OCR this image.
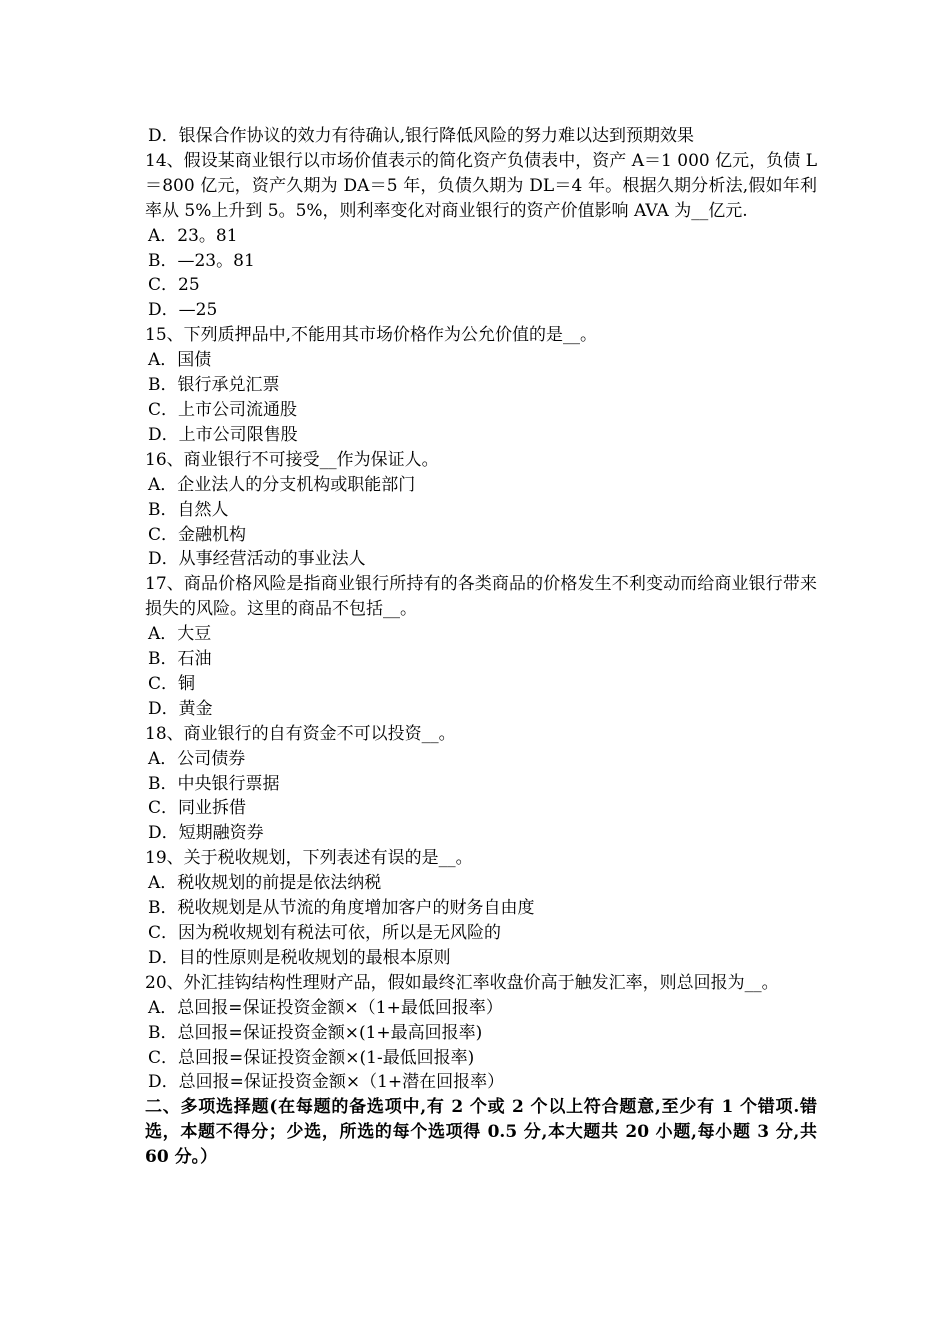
D．银保合作协议的效力有待确认,银行降低风险的努力难以达到预期效果
14、假设某商业银行以市场价值表示的简化资产负债表中，资产 A＝1 000 亿元，负债 L＝800 亿元，资产久期为 DA＝5 年，负债久期为 DL＝4 年。根据久期分析法,假如年利率从 5%上升到 5。5%，则利率变化对商业银行的资产价值影响 AVA 为__亿元.
A．23。81
B．—23。81
C．25
D．—25
15、下列质押品中,不能用其市场价格作为公允价值的是__。
A．国债
B．银行承兑汇票
C．上市公司流通股
D．上市公司限售股
16、商业银行不可接受__作为保证人。
A．企业法人的分支机构或职能部门
B．自然人
C．金融机构
D．从事经营活动的事业法人
17、商品价格风险是指商业银行所持有的各类商品的价格发生不利变动而给商业银行带来损失的风险。这里的商品不包括__。
A．大豆
B．石油
C．铜
D．黄金
18、商业银行的自有资金不可以投资__。
A．公司债券
B．中央银行票据
C．同业拆借
D．短期融资券
19、关于税收规划，下列表述有误的是__。
A．税收规划的前提是依法纳税
B．税收规划是从节流的角度增加客户的财务自由度
C．因为税收规划有税法可依，所以是无风险的
D．目的性原则是税收规划的最根本原则
20、外汇挂钩结构性理财产品，假如最终汇率收盘价高于触发汇率，则总回报为__。
A．总回报=保证投资金额×（1+最低回报率）
B．总回报=保证投资金额×(1+最高回报率)
C．总回报=保证投资金额×(1-最低回报率)
D．总回报=保证投资金额×（1+潜在回报率）
二、多项选择题(在每题的备选项中,有 2 个或 2 个以上符合题意,至少有 1 个错项.错选，本题不得分；少选，所选的每个选项得 0.5 分,本大题共 20 小题,每小题 3 分,共 60 分。）
